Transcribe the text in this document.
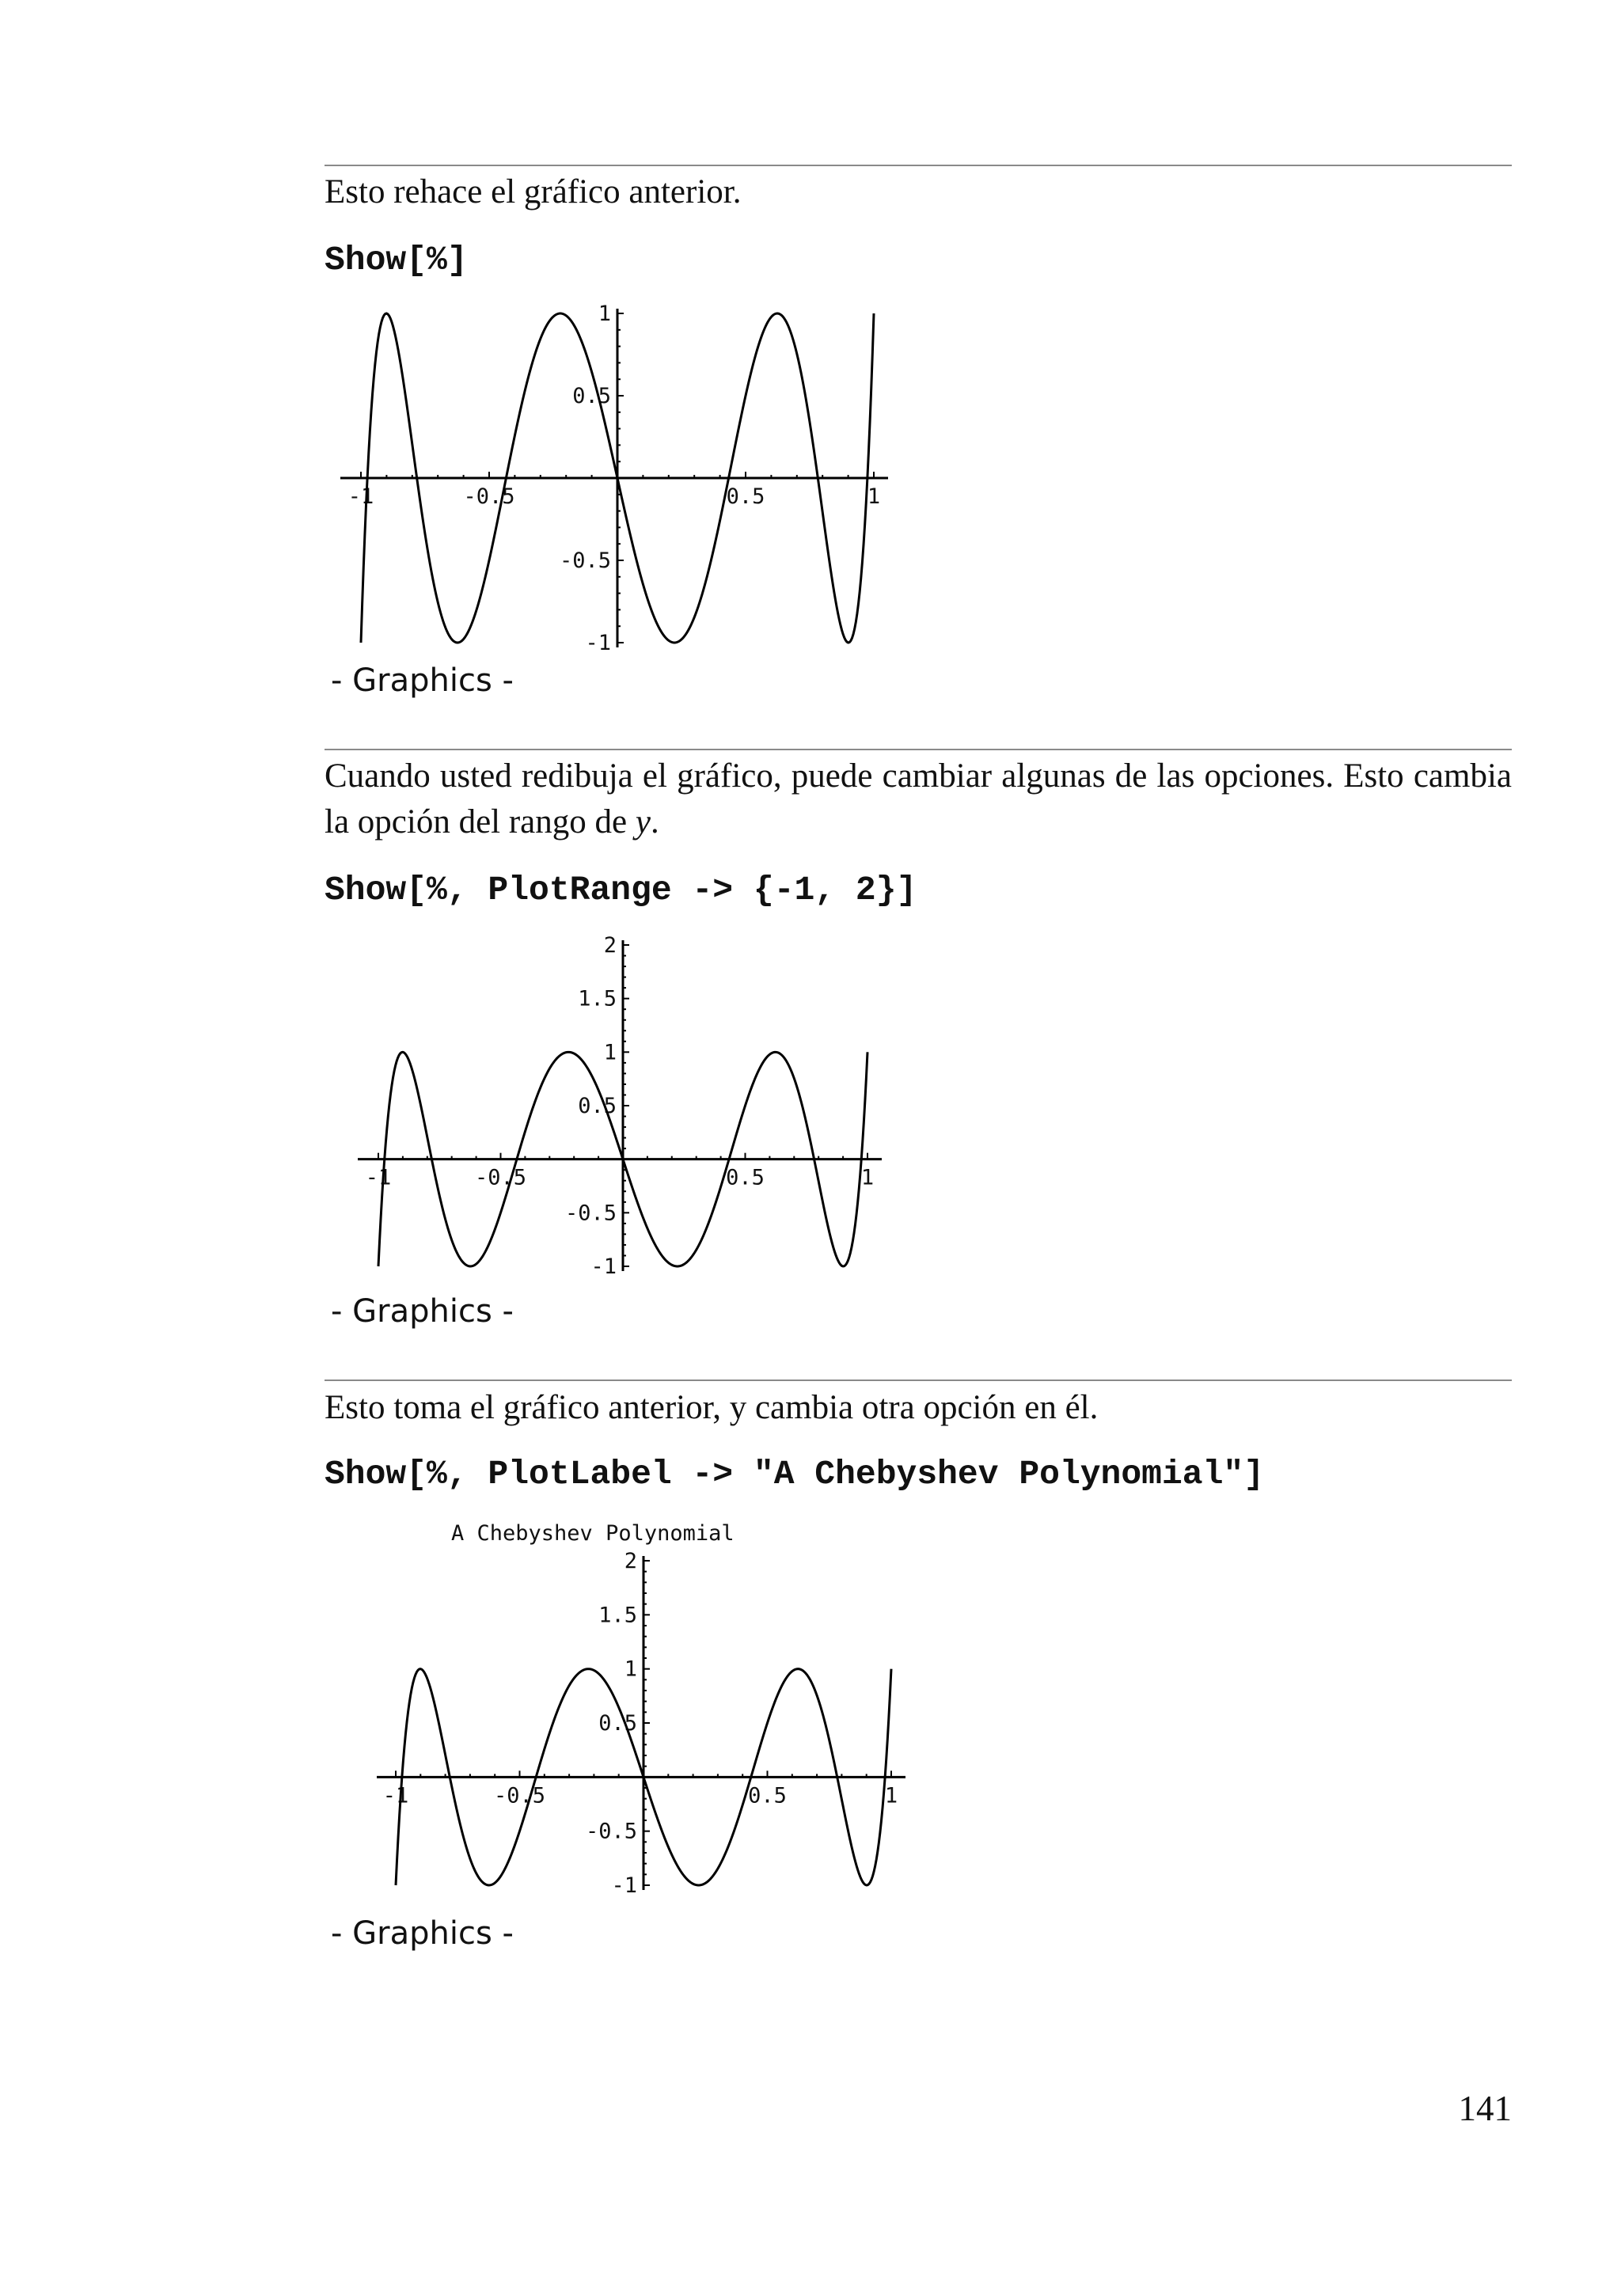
Esto rehace el gráfico anterior.

Show[%]
-1	-0.5	0.5	1
-1
-0.5
0.5
1
- Graphics -

Cuando usted redibuja el gráfico, puede cambiar algunas de las opciones. Esto cambia la opción del rango de y.

Show[%, PlotRange -> {-1, 2}]
-1	-0.5	0.5	1
-1
-0.5
0.5
1
1.5
2
- Graphics -

Esto toma el gráfico anterior, y cambia otra opción en él.

Show[%, PlotLabel -> "A Chebyshev Polynomial"]
A Chebyshev Polynomial
-1	-0.5	0.5	1
-1
-0.5
0.5
1
1.5
2
- Graphics -
141
